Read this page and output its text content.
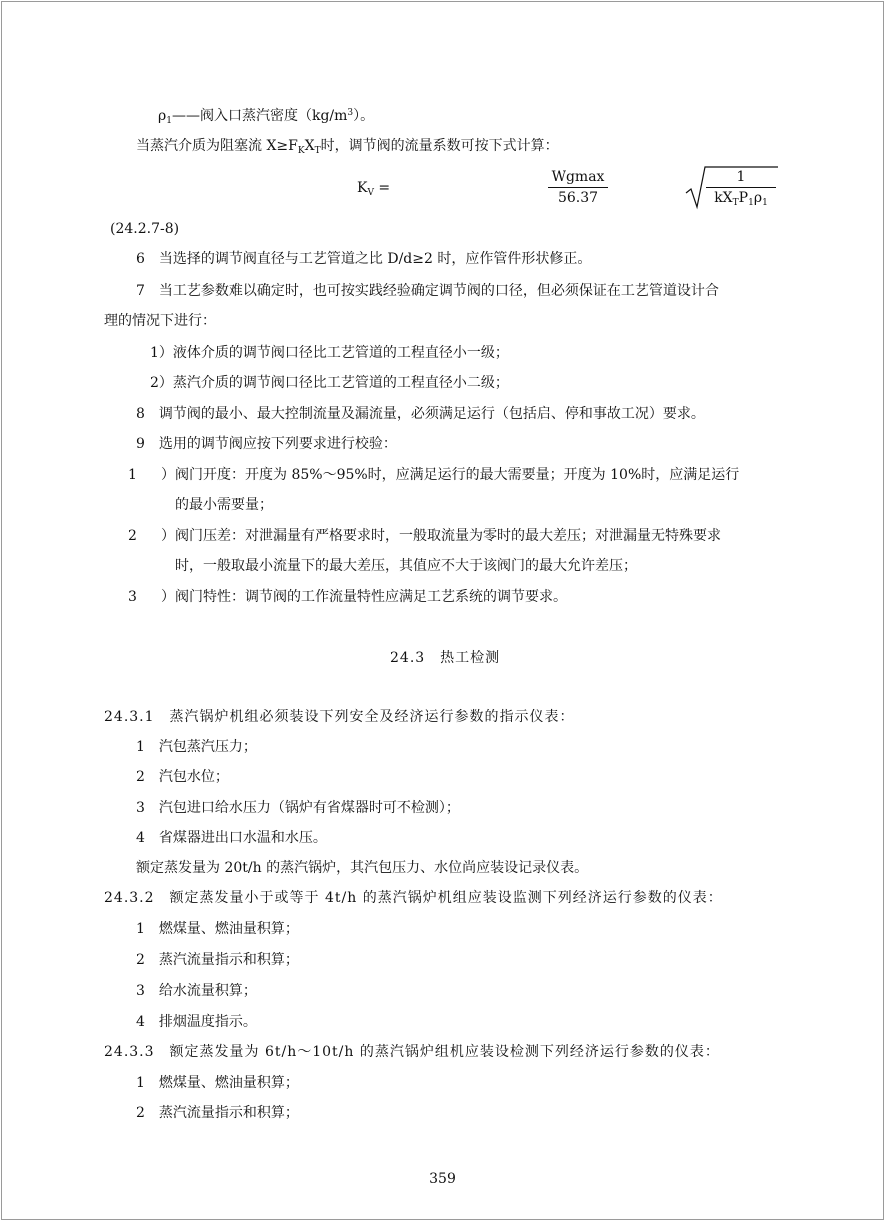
$\rho_1——$阀入口蒸汽密度$(kg/m^3)$。
当蒸汽介质为阻塞流 $X\ge F_KX_T$时，调节阀的流量系数可按下式计算：
$K_V$ =
Wgmax
56.37
1
$kX_TP_1\rho_1$
(24.2.7-8)
6　当选择的调节阀直径与工艺管道之比 D/d≥2 时，应作管件形状修正。
7　当工艺参数难以确定时，也可按实践经验确定调节阀的口径，但必须保证在工艺管道设计合
理的情况下进行：
1）液体介质的调节阀口径比工艺管道的工程直径小一级；
2）蒸汽介质的调节阀口径比工艺管道的工程直径小二级；
8　调节阀的最小、最大控制流量及漏流量，必须满足运行（包括启、停和事故工况）要求。
9　选用的调节阀应按下列要求进行校验：
1 ）阀门开度：开度为 85%～95%时，应满足运行的最大需要量；开度为 10%时，应满足运行
的最小需要量；
2 ）阀门压差：对泄漏量有严格要求时，一般取流量为零时的最大差压；对泄漏量无特殊要求
时，一般取最小流量下的最大差压，其值应不大于该阀门的最大允许差压；
3 ）阀门特性：调节阀的工作流量特性应满足工艺系统的调节要求。
24.3　热工检测
24.3.1　蒸汽锅炉机组必须装设下列安全及经济运行参数的指示仪表：
1　汽包蒸汽压力；
2　汽包水位；
3　汽包进口给水压力（锅炉有省煤器时可不检测）；
4　省煤器进出口水温和水压。
额定蒸发量为 20t/h 的蒸汽锅炉，其汽包压力、水位尚应装设记录仪表。
24.3.2　额定蒸发量小于或等于 4t/h 的蒸汽锅炉机组应装设监测下列经济运行参数的仪表：
1　燃煤量、燃油量积算；
2　蒸汽流量指示和积算；
3　给水流量积算；
4　排烟温度指示。
24.3.3　额定蒸发量为 6t/h～10t/h 的蒸汽锅炉组机应装设检测下列经济运行参数的仪表：
1　燃煤量、燃油量积算；
2　蒸汽流量指示和积算；
359
